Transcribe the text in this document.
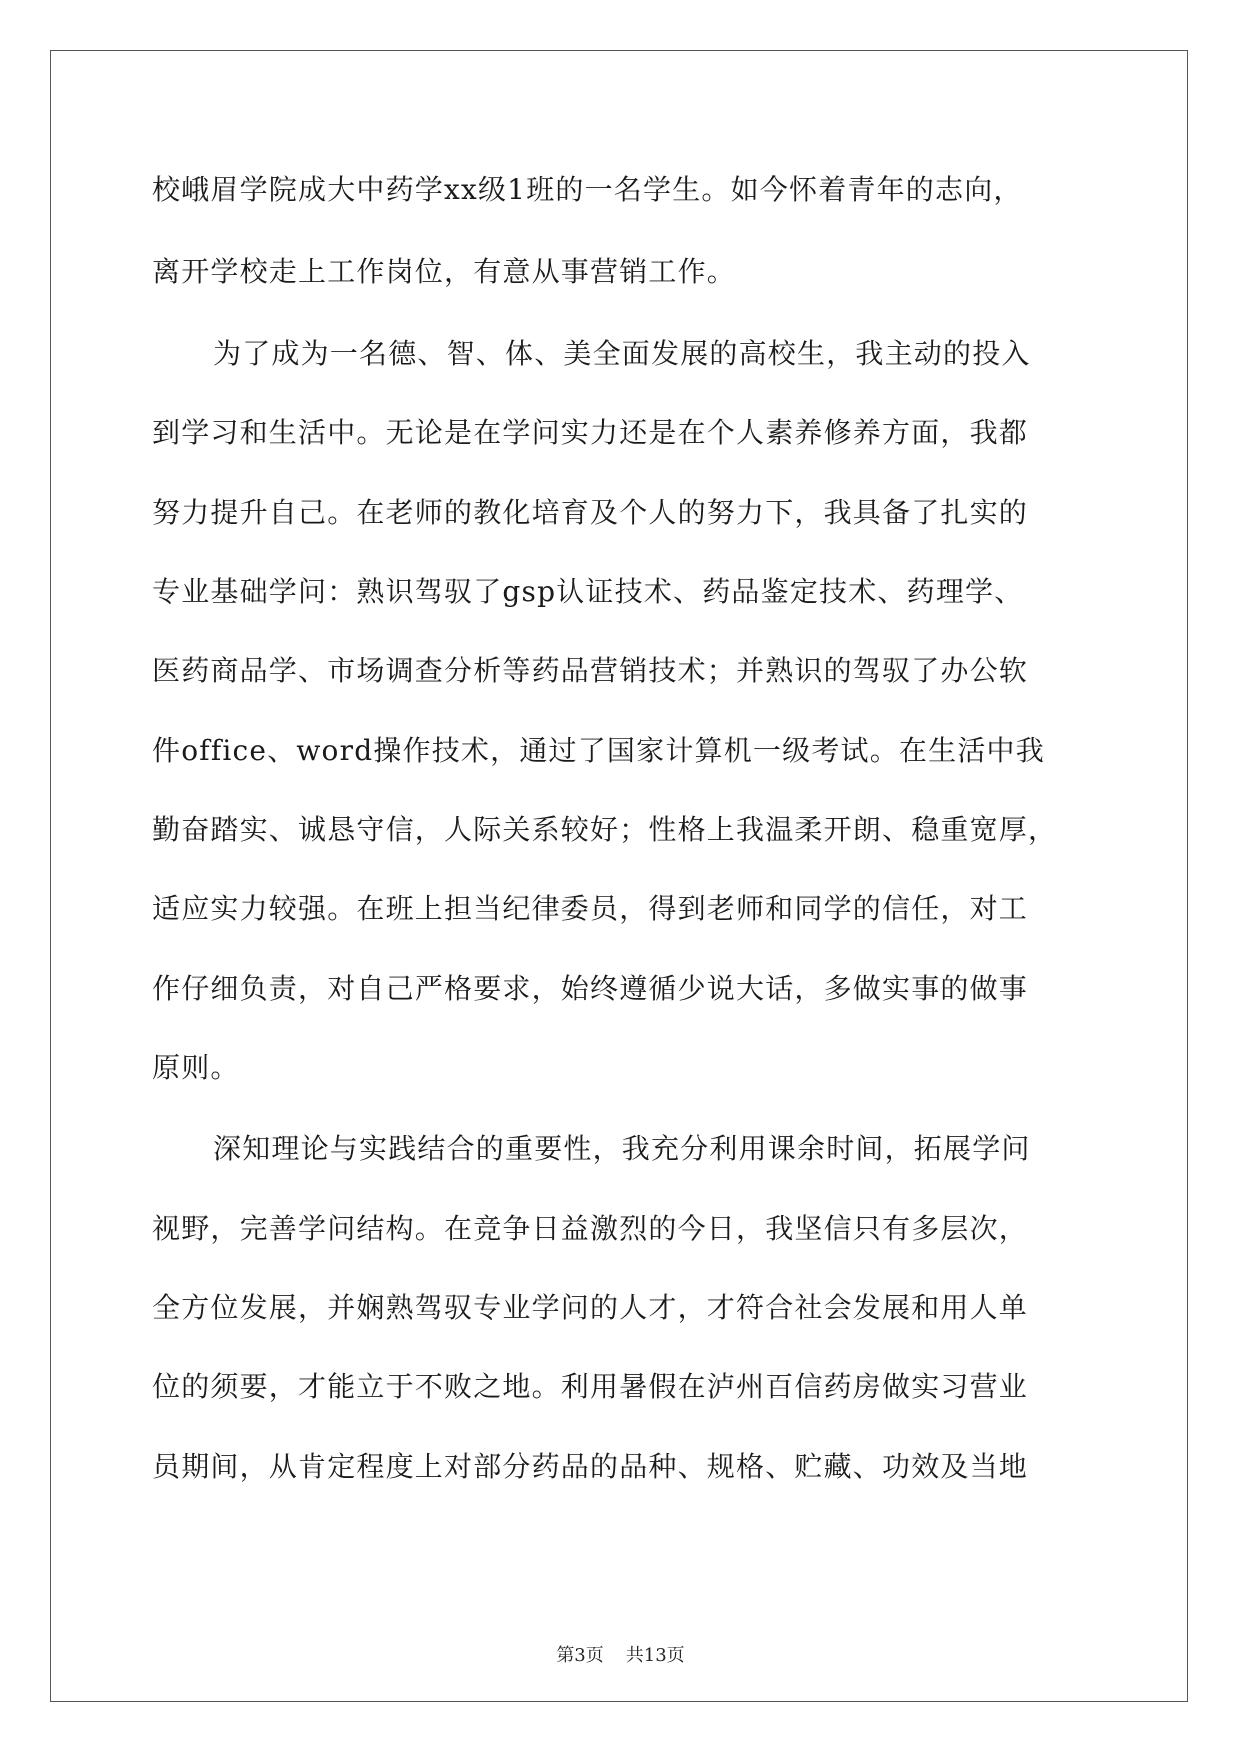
校峨眉学院成大中药学xx级1班的一名学生。如今怀着青年的志向，
离开学校走上工作岗位，有意从事营销工作。
为了成为一名德、智、体、美全面发展的高校生，我主动的投入
到学习和生活中。无论是在学问实力还是在个人素养修养方面，我都
努力提升自己。在老师的教化培育及个人的努力下，我具备了扎实的
专业基础学问：熟识驾驭了gsp认证技术、药品鉴定技术、药理学、
医药商品学、市场调查分析等药品营销技术；并熟识的驾驭了办公软
件office、word操作技术，通过了国家计算机一级考试。在生活中我
勤奋踏实、诚恳守信，人际关系较好；性格上我温柔开朗、稳重宽厚，
适应实力较强。在班上担当纪律委员，得到老师和同学的信任，对工
作仔细负责，对自己严格要求，始终遵循少说大话，多做实事的做事
原则。
深知理论与实践结合的重要性，我充分利用课余时间，拓展学问
视野，完善学问结构。在竞争日益激烈的今日，我坚信只有多层次，
全方位发展，并娴熟驾驭专业学问的人才，才符合社会发展和用人单
位的须要，才能立于不败之地。利用暑假在泸州百信药房做实习营业
员期间，从肯定程度上对部分药品的品种、规格、贮藏、功效及当地
第3页 共13页
